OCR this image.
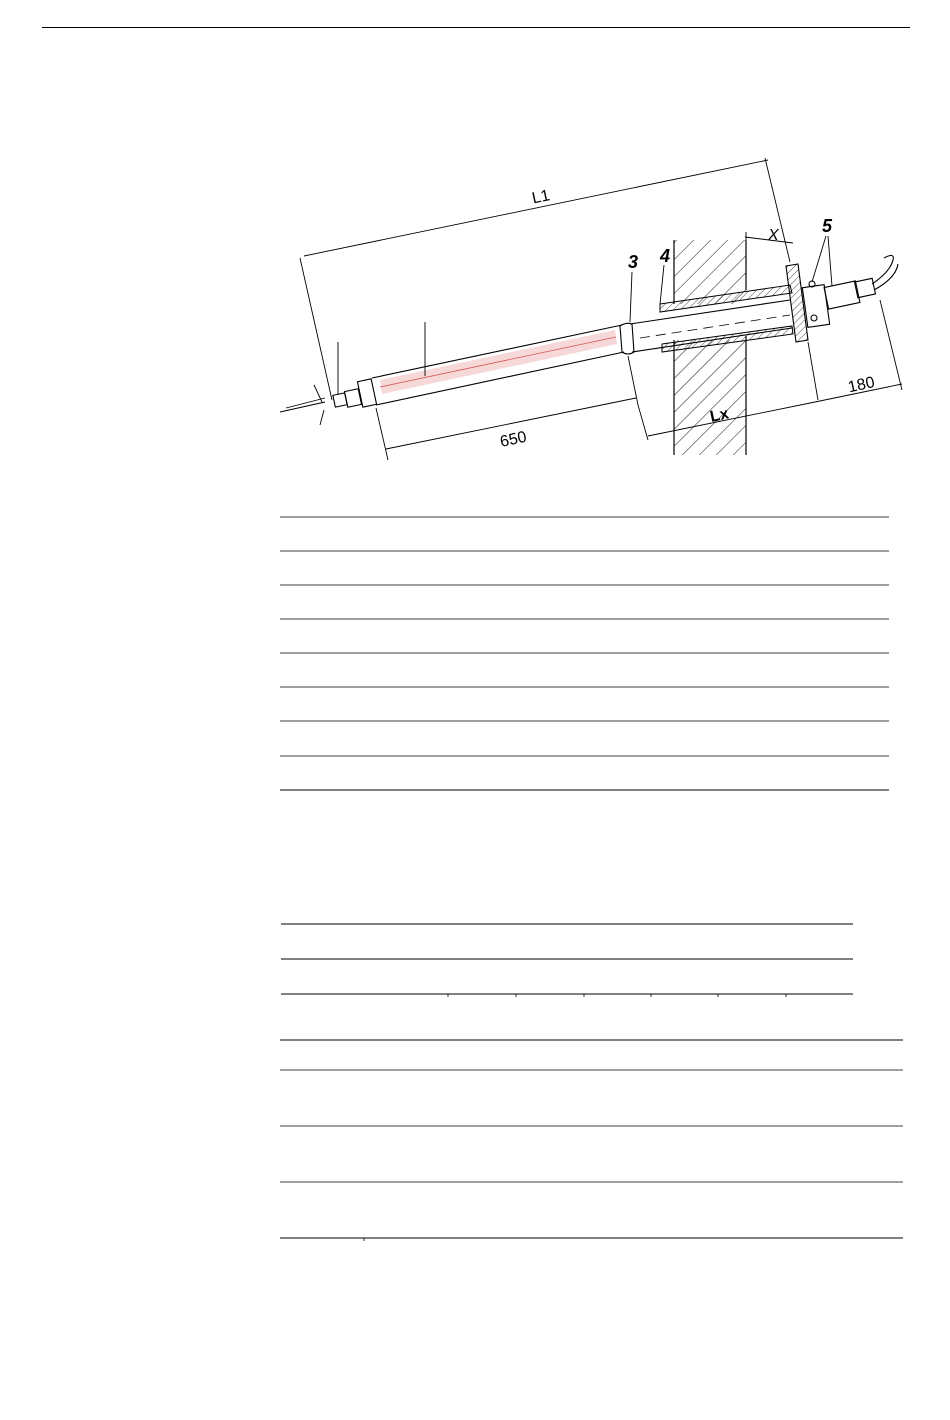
L1
650
Lx
180
X
3 4
5
